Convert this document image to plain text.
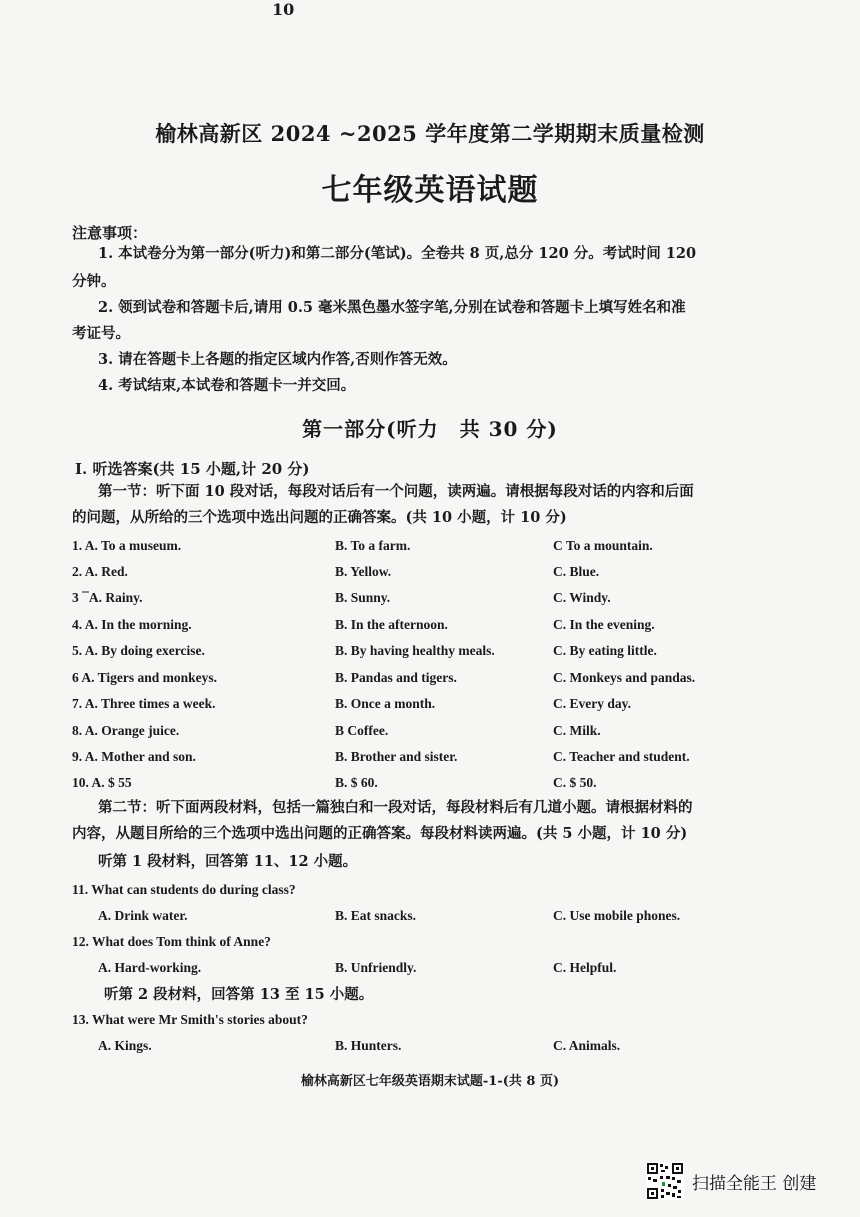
10
榆林高新区 2024 ~2025 学年度第二学期期末质量检测
七年级英语试题
注意事项：
1. 本试卷分为第一部分(听力)和第二部分(笔试)。全卷共 8 页,总分 120 分。考试时间 120
分钟。
2. 领到试卷和答题卡后,请用 0.5 毫米黑色墨水签字笔,分别在试卷和答题卡上填写姓名和准
考证号。
3. 请在答题卡上各题的指定区域内作答,否则作答无效。
4. 考试结束,本试卷和答题卡一并交回。
第一部分(听力　共 30 分)
Ⅰ. 听选答案(共 15 小题,计 20 分)
第一节：听下面 10 段对话，每段对话后有一个问题，读两遍。请根据每段对话的内容和后面
的问题，从所给的三个选项中选出问题的正确答案。(共 10 小题，计 10 分)
1. A. To a museum.	B. To a farm.	C To a mountain.
2. A. Red.	B. Yellow.	C. Blue.
3 ¯A. Rainy.	B. Sunny.	C. Windy.
4. A. In the morning.	B. In the afternoon.	C. In the evening.
5. A. By doing exercise.	B. By having healthy meals.	C. By eating little.
6 A. Tigers and monkeys.	B. Pandas and tigers.	C. Monkeys and pandas.
7. A. Three times a week.	B. Once a month.	C. Every day.
8. A. Orange juice.	B Coffee.	C. Milk.
9. A. Mother and son.	B. Brother and sister.	C. Teacher and student.
10. A. $ 55	B. $ 60.	C. $ 50.
第二节：听下面两段材料，包括一篇独白和一段对话，每段材料后有几道小题。请根据材料的
内容，从题目所给的三个选项中选出问题的正确答案。每段材料读两遍。(共 5 小题，计 10 分)
听第 1 段材料，回答第 11、12 小题。
11. What can students do during class?
A. Drink water.	B. Eat snacks.	C. Use mobile phones.
12. What does Tom think of Anne?
A. Hard-working.	B. Unfriendly.	C. Helpful.
听第 2 段材料，回答第 13 至 15 小题。
13. What were Mr Smith's stories about?
A. Kings.	B. Hunters.	C. Animals.
榆林高新区七年级英语期末试题-1-(共 8 页)
扫描全能王 创建
